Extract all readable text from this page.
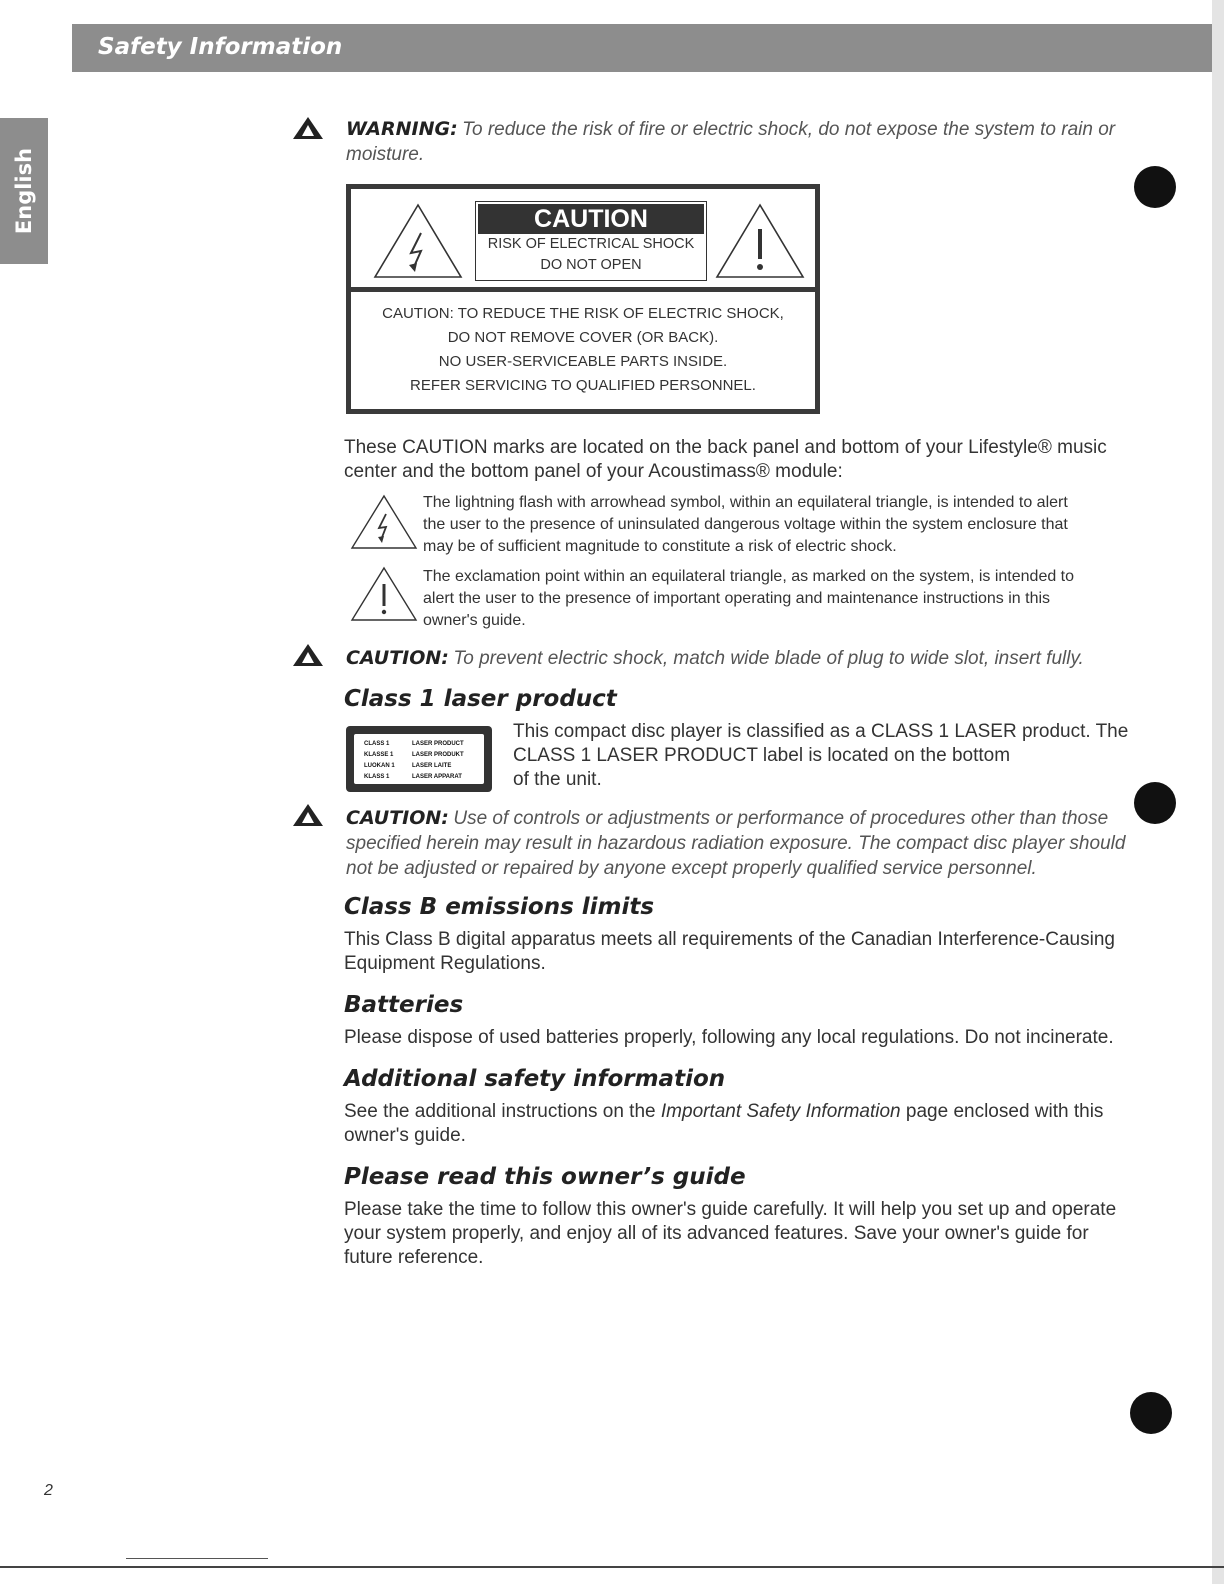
Safety Information
English
WARNING: To reduce the risk of fire or electric shock, do not expose the system to rain or
moisture.
CAUTION
RISK OF ELECTRICAL SHOCK
DO NOT OPEN
CAUTION: TO REDUCE THE RISK OF ELECTRIC SHOCK,
DO NOT REMOVE COVER (OR BACK).
NO USER-SERVICEABLE PARTS INSIDE.
REFER SERVICING TO QUALIFIED PERSONNEL.
These CAUTION marks are located on the back panel and bottom of your Lifestyle® music
center and the bottom panel of your Acoustimass® module:
The lightning flash with arrowhead symbol, within an equilateral triangle, is intended to alert
the user to the presence of uninsulated dangerous voltage within the system enclosure that
may be of sufficient magnitude to constitute a risk of electric shock.
The exclamation point within an equilateral triangle, as marked on the system, is intended to
alert the user to the presence of important operating and maintenance instructions in this
owner's guide.
CAUTION: To prevent electric shock, match wide blade of plug to wide slot, insert fully.
Class 1 laser product
CLASS 1	LASER PRODUCT
KLASSE 1	LASER PRODUKT
LUOKAN 1	LASER LAITE
KLASS 1	LASER APPARAT
This compact disc player is classified as a CLASS 1 LASER product. The
CLASS 1 LASER PRODUCT label is located on the bottom
of the unit.
CAUTION: Use of controls or adjustments or performance of procedures other than those
specified herein may result in hazardous radiation exposure. The compact disc player should
not be adjusted or repaired by anyone except properly qualified service personnel.
Class B emissions limits
This Class B digital apparatus meets all requirements of the Canadian Interference-Causing
Equipment Regulations.
Batteries
Please dispose of used batteries properly, following any local regulations. Do not incinerate.
Additional safety information
See the additional instructions on the Important Safety Information page enclosed with this
owner's guide.
Please read this owner’s guide
Please take the time to follow this owner's guide carefully. It will help you set up and operate
your system properly, and enjoy all of its advanced features. Save your owner's guide for
future reference.
2
